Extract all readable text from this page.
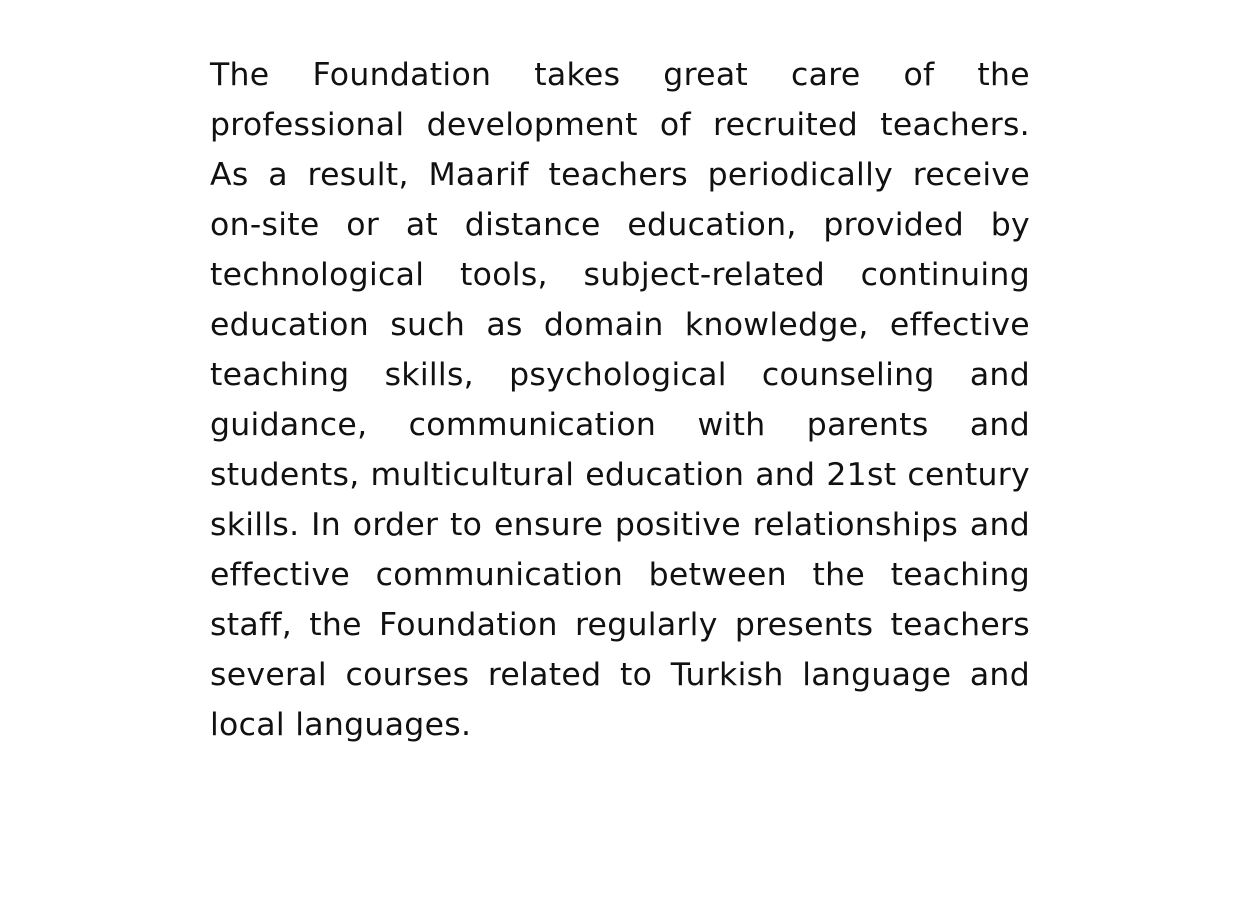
The Foundation takes great care of the professional development of recruited teachers. As a result, Maarif teachers periodically receive on-site or at distance education, provided by technological tools, subject-related continuing education such as domain knowledge, effective teaching skills, psychological counseling and guidance, communication with parents and students, multicultural education and 21st century skills. In order to ensure positive relationships and effective communication between the teaching staff, the Foundation regularly presents teachers several courses related to Turkish language and local languages.
